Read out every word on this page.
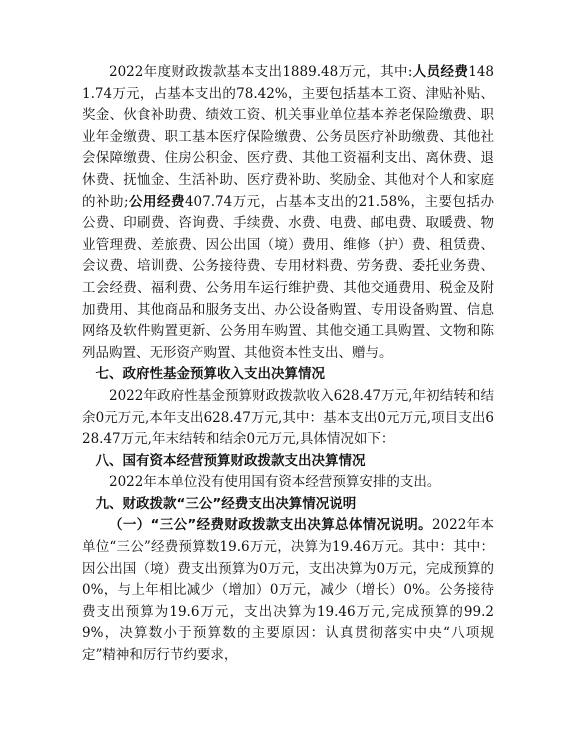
2022年度财政拨款基本支出1889.48万元，其中:人员经费1481.74万元，占基本支出的78.42%，主要包括基本工资、津贴补贴、奖金、伙食补助费、绩效工资、机关事业单位基本养老保险缴费、职业年金缴费、职工基本医疗保险缴费、公务员医疗补助缴费、其他社会保障缴费、住房公积金、医疗费、其他工资福利支出、离休费、退休费、抚恤金、生活补助、医疗费补助、奖励金、其他对个人和家庭的补助;公用经费407.74万元，占基本支出的21.58%，主要包括办公费、印刷费、咨询费、手续费、水费、电费、邮电费、取暖费、物业管理费、差旅费、因公出国（境）费用、维修（护）费、租赁费、会议费、培训费、公务接待费、专用材料费、劳务费、委托业务费、工会经费、福利费、公务用车运行维护费、其他交通费用、税金及附加费用、其他商品和服务支出、办公设备购置、专用设备购置、信息网络及软件购置更新、公务用车购置、其他交通工具购置、文物和陈列品购置、无形资产购置、其他资本性支出、赠与。

七、政府性基金预算收入支出决算情况

2022年政府性基金预算财政拨款收入628.47万元,年初结转和结余0元万元,本年支出628.47万元,其中：基本支出0元万元,项目支出628.47万元,年末结转和结余0元万元,具体情况如下：

八、国有资本经营预算财政拨款支出决算情况

2022年本单位没有使用国有资本经营预算安排的支出。

九、财政拨款“三公”经费支出决算情况说明

（一）“三公”经费财政拨款支出决算总体情况说明。2022年本单位“三公”经费预算数19.6万元，决算为19.46万元。其中：其中：因公出国（境）费支出预算为0万元，支出决算为0万元，完成预算的0%，与上年相比减少（增加）0万元，减少（增长）0%。公务接待费支出预算为19.6万元，支出决算为19.46万元,完成预算的99.29%，决算数小于预算数的主要原因：认真贯彻落实中央“八项规定”精神和厉行节约要求，
